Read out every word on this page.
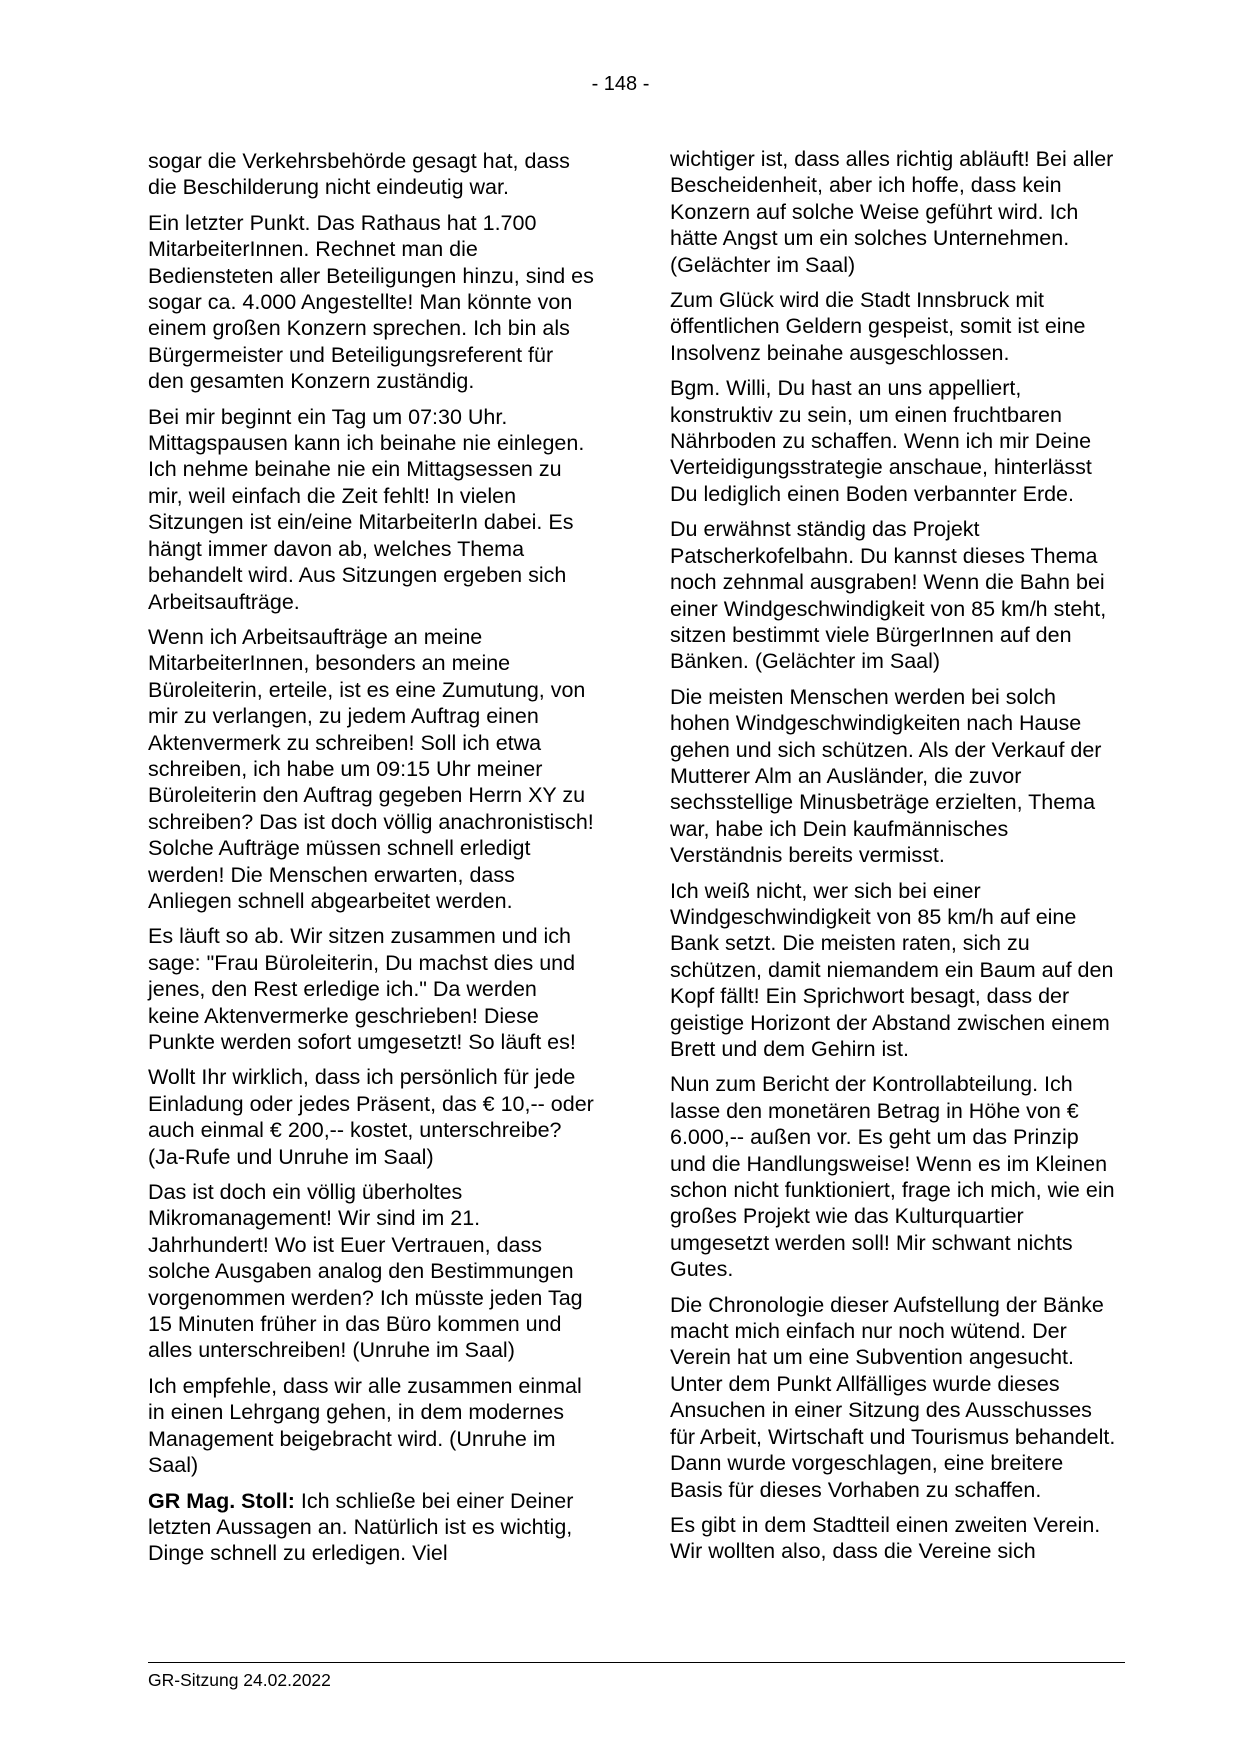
- 148 -

sogar die Verkehrsbehörde gesagt hat, dass die Beschilderung nicht eindeutig war.

Ein letzter Punkt. Das Rathaus hat 1.700 MitarbeiterInnen. Rechnet man die Bediensteten aller Beteiligungen hinzu, sind es sogar ca. 4.000 Angestellte! Man könnte von einem großen Konzern sprechen. Ich bin als Bürgermeister und Beteiligungsreferent für den gesamten Konzern zuständig.

Bei mir beginnt ein Tag um 07:30 Uhr. Mittagspausen kann ich beinahe nie einlegen. Ich nehme beinahe nie ein Mittagsessen zu mir, weil einfach die Zeit fehlt! In vielen Sitzungen ist ein/eine MitarbeiterIn dabei. Es hängt immer davon ab, welches Thema behandelt wird. Aus Sitzungen ergeben sich Arbeitsaufträge.

Wenn ich Arbeitsaufträge an meine MitarbeiterInnen, besonders an meine Büroleiterin, erteile, ist es eine Zumutung, von mir zu verlangen, zu jedem Auftrag einen Aktenvermerk zu schreiben! Soll ich etwa schreiben, ich habe um 09:15 Uhr meiner Büroleiterin den Auftrag gegeben Herrn XY zu schreiben? Das ist doch völlig anachronistisch! Solche Aufträge müssen schnell erledigt werden! Die Menschen erwarten, dass Anliegen schnell abgearbeitet werden.

Es läuft so ab. Wir sitzen zusammen und ich sage: "Frau Büroleiterin, Du machst dies und jenes, den Rest erledige ich." Da werden keine Aktenvermerke geschrieben! Diese Punkte werden sofort umgesetzt! So läuft es!

Wollt Ihr wirklich, dass ich persönlich für jede Einladung oder jedes Präsent, das € 10,-- oder auch einmal € 200,-- kostet, unterschreibe? (Ja-Rufe und Unruhe im Saal)

Das ist doch ein völlig überholtes Mikromanagement! Wir sind im 21. Jahrhundert! Wo ist Euer Vertrauen, dass solche Ausgaben analog den Bestimmungen vorgenommen werden? Ich müsste jeden Tag 15 Minuten früher in das Büro kommen und alles unterschreiben! (Unruhe im Saal)

Ich empfehle, dass wir alle zusammen einmal in einen Lehrgang gehen, in dem modernes Management beigebracht wird. (Unruhe im Saal)

GR Mag. Stoll: Ich schließe bei einer Deiner letzten Aussagen an. Natürlich ist es wichtig, Dinge schnell zu erledigen. Viel

wichtiger ist, dass alles richtig abläuft! Bei aller Bescheidenheit, aber ich hoffe, dass kein Konzern auf solche Weise geführt wird. Ich hätte Angst um ein solches Unternehmen. (Gelächter im Saal)

Zum Glück wird die Stadt Innsbruck mit öffentlichen Geldern gespeist, somit ist eine Insolvenz beinahe ausgeschlossen.

Bgm. Willi, Du hast an uns appelliert, konstruktiv zu sein, um einen fruchtbaren Nährboden zu schaffen. Wenn ich mir Deine Verteidigungsstrategie anschaue, hinterlässt Du lediglich einen Boden verbannter Erde.

Du erwähnst ständig das Projekt Patscherkofelbahn. Du kannst dieses Thema noch zehnmal ausgraben! Wenn die Bahn bei einer Windgeschwindigkeit von 85 km/h steht, sitzen bestimmt viele BürgerInnen auf den Bänken. (Gelächter im Saal)

Die meisten Menschen werden bei solch hohen Windgeschwindigkeiten nach Hause gehen und sich schützen. Als der Verkauf der Mutterer Alm an Ausländer, die zuvor sechsstellige Minusbeträge erzielten, Thema war, habe ich Dein kaufmännisches Verständnis bereits vermisst.

Ich weiß nicht, wer sich bei einer Windgeschwindigkeit von 85 km/h auf eine Bank setzt. Die meisten raten, sich zu schützen, damit niemandem ein Baum auf den Kopf fällt! Ein Sprichwort besagt, dass der geistige Horizont der Abstand zwischen einem Brett und dem Gehirn ist.

Nun zum Bericht der Kontrollabteilung. Ich lasse den monetären Betrag in Höhe von € 6.000,-- außen vor. Es geht um das Prinzip und die Handlungsweise! Wenn es im Kleinen schon nicht funktioniert, frage ich mich, wie ein großes Projekt wie das Kulturquartier umgesetzt werden soll! Mir schwant nichts Gutes.

Die Chronologie dieser Aufstellung der Bänke macht mich einfach nur noch wütend. Der Verein hat um eine Subvention angesucht. Unter dem Punkt Allfälliges wurde dieses Ansuchen in einer Sitzung des Ausschusses für Arbeit, Wirtschaft und Tourismus behandelt. Dann wurde vorgeschlagen, eine breitere Basis für dieses Vorhaben zu schaffen.

Es gibt in dem Stadtteil einen zweiten Verein. Wir wollten also, dass die Vereine sich

GR-Sitzung 24.02.2022
